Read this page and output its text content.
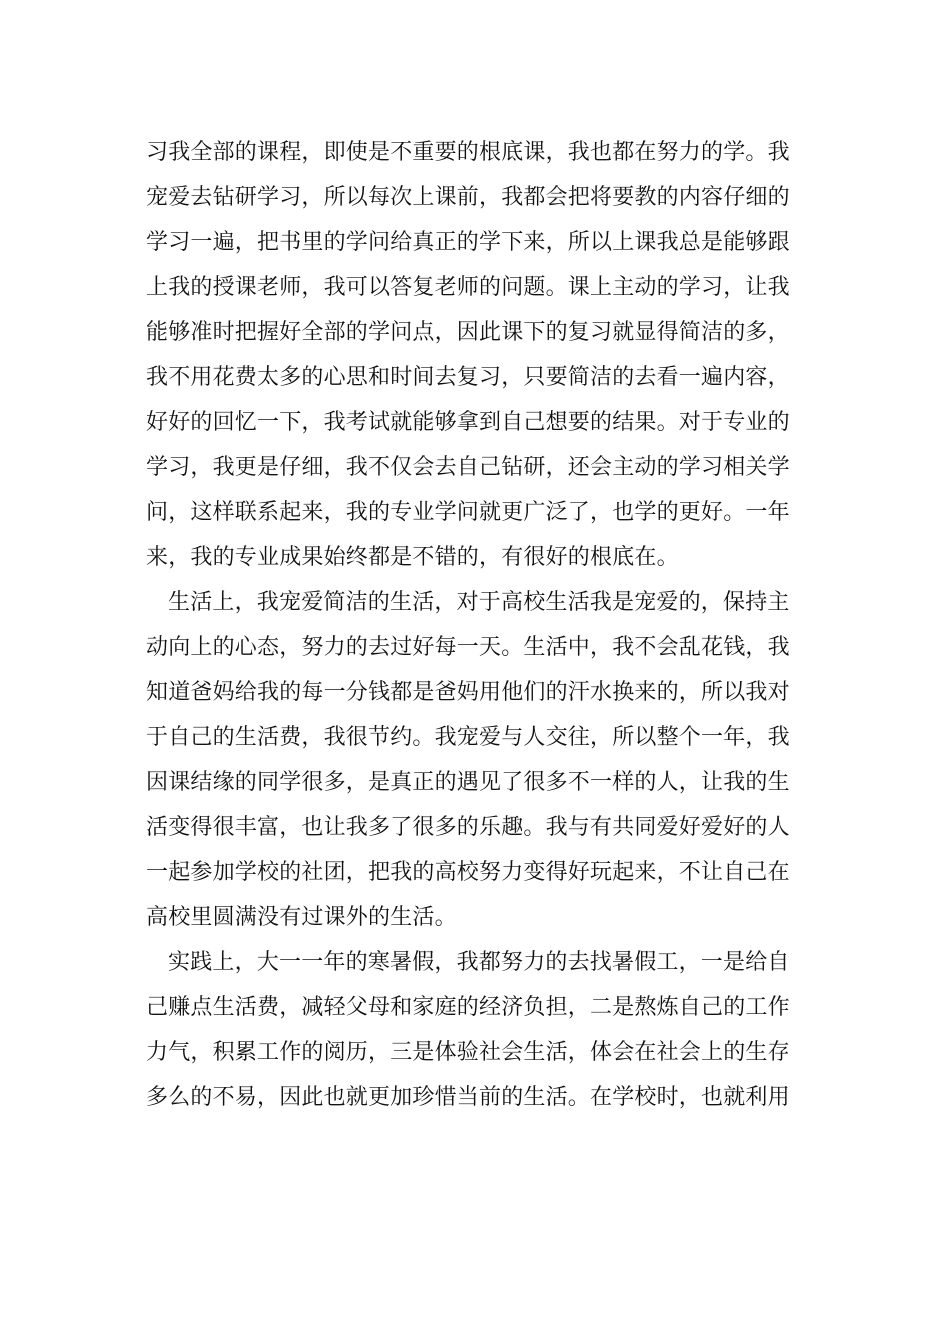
习我全部的课程，即使是不重要的根底课，我也都在努力的学。我
宠爱去钻研学习，所以每次上课前，我都会把将要教的内容仔细的
学习一遍，把书里的学问给真正的学下来，所以上课我总是能够跟
上我的授课老师，我可以答复老师的问题。课上主动的学习，让我
能够准时把握好全部的学问点，因此课下的复习就显得简洁的多，
我不用花费太多的心思和时间去复习，只要简洁的去看一遍内容，
好好的回忆一下，我考试就能够拿到自己想要的结果。对于专业的
学习，我更是仔细，我不仅会去自己钻研，还会主动的学习相关学
问，这样联系起来，我的专业学问就更广泛了，也学的更好。一年
来，我的专业成果始终都是不错的，有很好的根底在。
生活上，我宠爱简洁的生活，对于高校生活我是宠爱的，保持主
动向上的心态，努力的去过好每一天。生活中，我不会乱花钱，我
知道爸妈给我的每一分钱都是爸妈用他们的汗水换来的，所以我对
于自己的生活费，我很节约。我宠爱与人交往，所以整个一年，我
因课结缘的同学很多，是真正的遇见了很多不一样的人，让我的生
活变得很丰富，也让我多了很多的乐趣。我与有共同爱好爱好的人
一起参加学校的社团，把我的高校努力变得好玩起来，不让自己在
高校里圆满没有过课外的生活。
实践上，大一一年的寒暑假，我都努力的去找暑假工，一是给自
己赚点生活费，减轻父母和家庭的经济负担，二是熬炼自己的工作
力气，积累工作的阅历，三是体验社会生活，体会在社会上的生存
多么的不易，因此也就更加珍惜当前的生活。在学校时，也就利用
